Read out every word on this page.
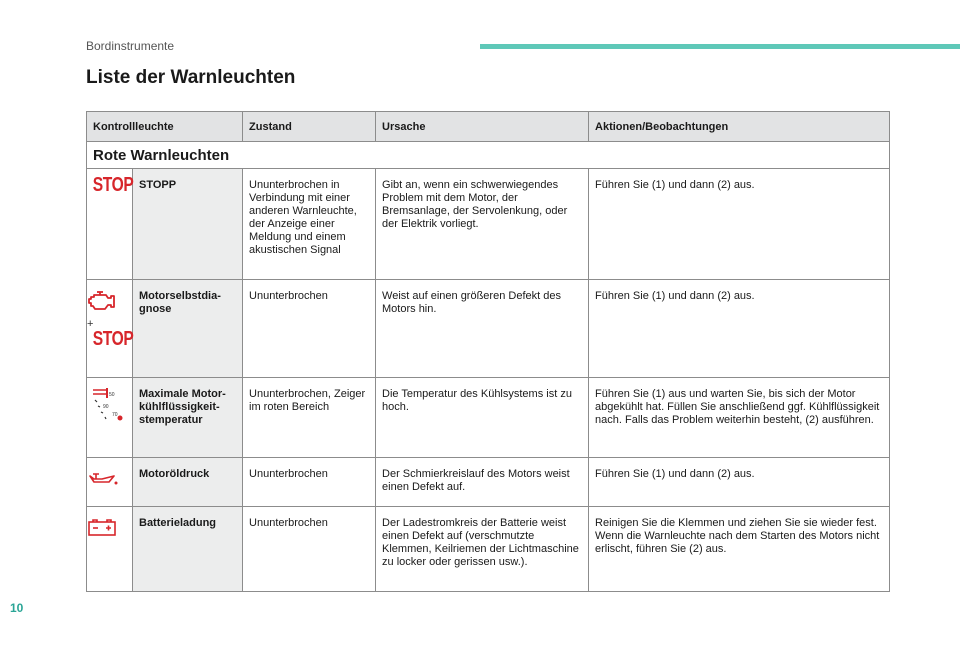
Bordinstrumente
Liste der Warnleuchten
Kontrollleuchte		Zustand	Ursache	Aktionen/Beobachtungen
Rote Warnleuchten				
STOP	STOPP	Ununterbrochen in Verbindung mit einer anderen Warnleuchte, der Anzeige einer Meldung und einem akustischen Signal	Gibt an, wenn ein schwerwiegendes Problem mit dem Motor, der Bremsanlage, der Servolenkung, oder der Elektrik vorliegt.	Führen Sie (1) und dann (2) aus.

+
STOP	Motorselbstdiagnose	Ununterbrochen	Weist auf einen größeren Defekt des Motors hin.	Führen Sie (1) und dann (2) aus.

50
90
70	Maximale Motorkühlflüssigkeitstemperatur	Ununterbrochen, Zeiger im roten Bereich	Die Temperatur des Kühlsystems ist zu hoch.	Führen Sie (1) aus und warten Sie, bis sich der Motor abgekühlt hat. Füllen Sie anschließend ggf. Kühlflüssigkeit nach. Falls das Problem weiterhin besteht, (2) ausführen.
	Motoröldruck	Ununterbrochen	Der Schmierkreislauf des Motors weist einen Defekt auf.	Führen Sie (1) und dann (2) aus.
	Batterieladung	Ununterbrochen	Der Ladestromkreis der Batterie weist einen Defekt auf (verschmutzte Klemmen, Keilriemen der Lichtmaschine zu locker oder gerissen usw.).	Reinigen Sie die Klemmen und ziehen Sie sie wieder fest. Wenn die Warnleuchte nach dem Starten des Motors nicht erlischt, führen Sie (2) aus.
10
